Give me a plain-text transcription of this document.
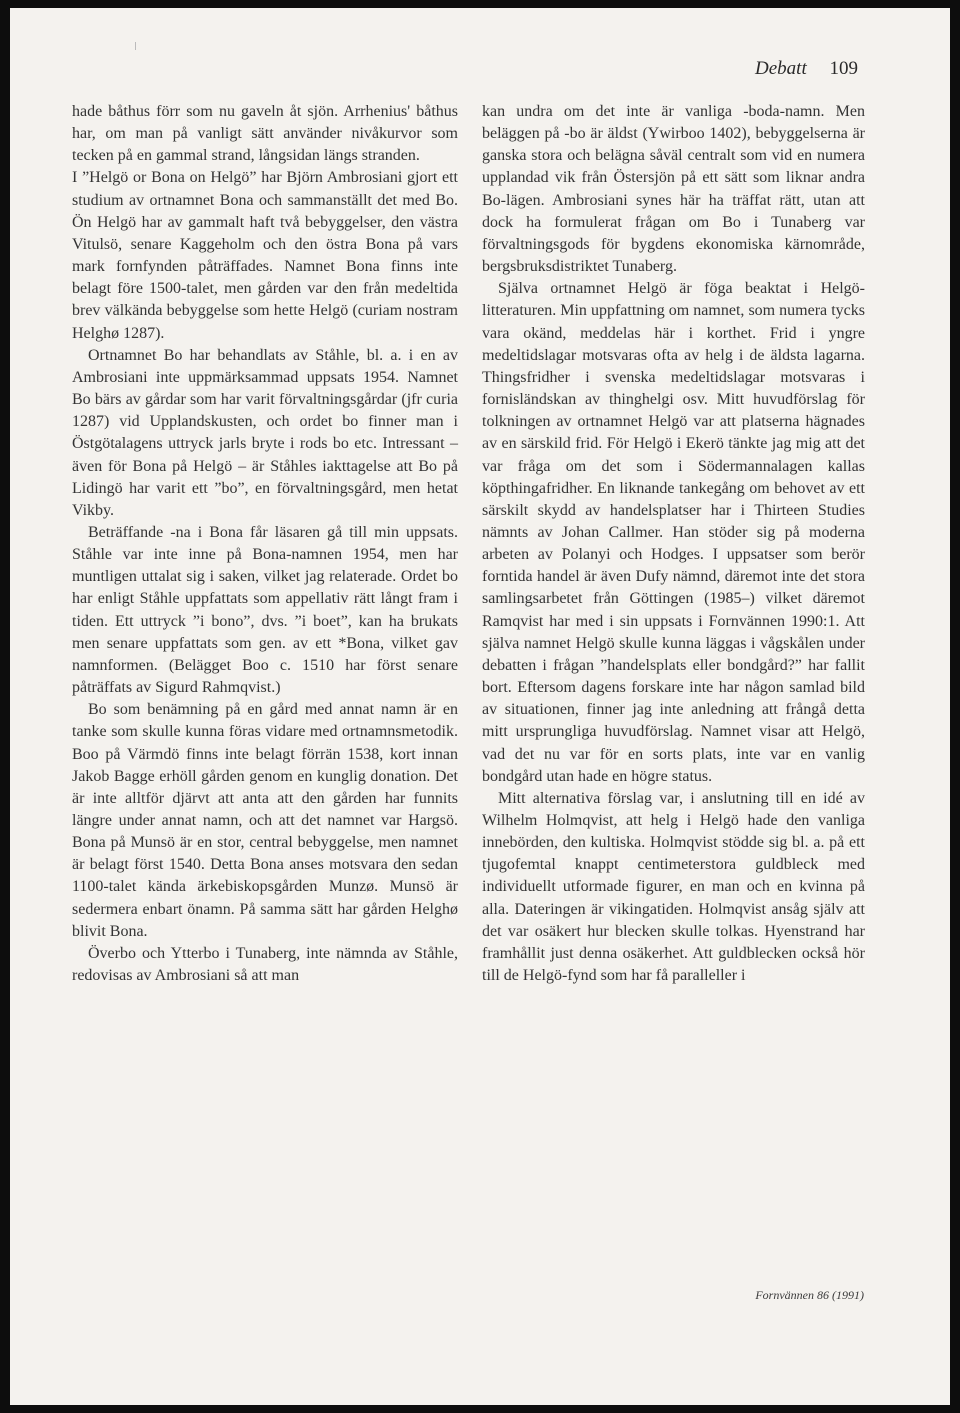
Debatt 109

hade båthus förr som nu gaveln åt sjön. Arrhenius' båthus har, om man på vanligt sätt använder nivåkurvor som tecken på en gammal strand, långsidan längs stranden.

I ”Helgö or Bona on Helgö” har Björn Ambrosiani gjort ett studium av ortnamnet Bona och sammanställt det med Bo. Ön Helgö har av gammalt haft två bebyggelser, den västra Vitulsö, senare Kaggeholm och den östra Bona på vars mark fornfynden påträffades. Namnet Bona finns inte belagt före 1500-talet, men gården var den från medeltida brev välkända bebyggelse som hette Helgö (curiam nostram Helghø 1287).

Ortnamnet Bo har behandlats av Ståhle, bl. a. i en av Ambrosiani inte uppmärksammad uppsats 1954. Namnet Bo bärs av gårdar som har varit förvaltningsgårdar (jfr curia 1287) vid Upplandskusten, och ordet bo finner man i Östgötalagens uttryck jarls bryte i rods bo etc. Intressant – även för Bona på Helgö – är Ståhles iakttagelse att Bo på Lidingö har varit ett ”bo”, en förvaltningsgård, men hetat Vikby.

Beträffande -na i Bona får läsaren gå till min uppsats. Ståhle var inte inne på Bona-namnen 1954, men har muntligen uttalat sig i saken, vilket jag relaterade. Ordet bo har enligt Ståhle uppfattats som appellativ rätt långt fram i tiden. Ett uttryck ”i bono”, dvs. ”i boet”, kan ha brukats men senare uppfattats som gen. av ett *Bona, vilket gav namnformen. (Belägget Boo c. 1510 har först senare påträffats av Sigurd Rahmqvist.)

Bo som benämning på en gård med annat namn är en tanke som skulle kunna föras vidare med ortnamnsmetodik. Boo på Värmdö finns inte belagt förrän 1538, kort innan Jakob Bagge erhöll gården genom en kunglig donation. Det är inte alltför djärvt att anta att den gården har funnits längre under annat namn, och att det namnet var Hargsö. Bona på Munsö är en stor, central bebyggelse, men namnet är belagt först 1540. Detta Bona anses motsvara den sedan 1100-talet kända ärkebiskopsgården Munzø. Munsö är sedermera enbart önamn. På samma sätt har gården Helghø blivit Bona.

Överbo och Ytterbo i Tunaberg, inte nämnda av Ståhle, redovisas av Ambrosiani så att man

kan undra om det inte är vanliga -boda-namn. Men beläggen på -bo är äldst (Ywirboo 1402), bebyggelserna är ganska stora och belägna såväl centralt som vid en numera upplandad vik från Östersjön på ett sätt som liknar andra Bo-lägen. Ambrosiani synes här ha träffat rätt, utan att dock ha formulerat frågan om Bo i Tunaberg var förvaltningsgods för bygdens ekonomiska kärnområde, bergsbruksdistriktet Tunaberg.

Själva ortnamnet Helgö är föga beaktat i Helgö-litteraturen. Min uppfattning om namnet, som numera tycks vara okänd, meddelas här i korthet. Frid i yngre medeltidslagar motsvaras ofta av helg i de äldsta lagarna. Thingsfridher i svenska medeltidslagar motsvaras i fornisländskan av thinghelgi osv. Mitt huvudförslag för tolkningen av ortnamnet Helgö var att platserna hägnades av en särskild frid. För Helgö i Ekerö tänkte jag mig att det var fråga om det som i Södermannalagen kallas köpthingafridher. En liknande tankegång om behovet av ett särskilt skydd av handelsplatser har i Thirteen Studies nämnts av Johan Callmer. Han stöder sig på moderna arbeten av Polanyi och Hodges. I uppsatser som berör forntida handel är även Dufy nämnd, däremot inte det stora samlingsarbetet från Göttingen (1985–) vilket däremot Ramqvist har med i sin uppsats i Fornvännen 1990:1. Att själva namnet Helgö skulle kunna läggas i vågskålen under debatten i frågan ”handelsplats eller bondgård?” har fallit bort. Eftersom dagens forskare inte har någon samlad bild av situationen, finner jag inte anledning att frångå detta mitt ursprungliga huvudförslag. Namnet visar att Helgö, vad det nu var för en sorts plats, inte var en vanlig bondgård utan hade en högre status.

Mitt alternativa förslag var, i anslutning till en idé av Wilhelm Holmqvist, att helg i Helgö hade den vanliga innebörden, den kultiska. Holmqvist stödde sig bl. a. på ett tjugofemtal knappt centimeterstora guldbleck med individuellt utformade figurer, en man och en kvinna på alla. Dateringen är vikingatiden. Holmqvist ansåg själv att det var osäkert hur blecken skulle tolkas. Hyenstrand har framhållit just denna osäkerhet. Att guldblecken också hör till de Helgö-fynd som har få paralleller i

Fornvännen 86 (1991)
